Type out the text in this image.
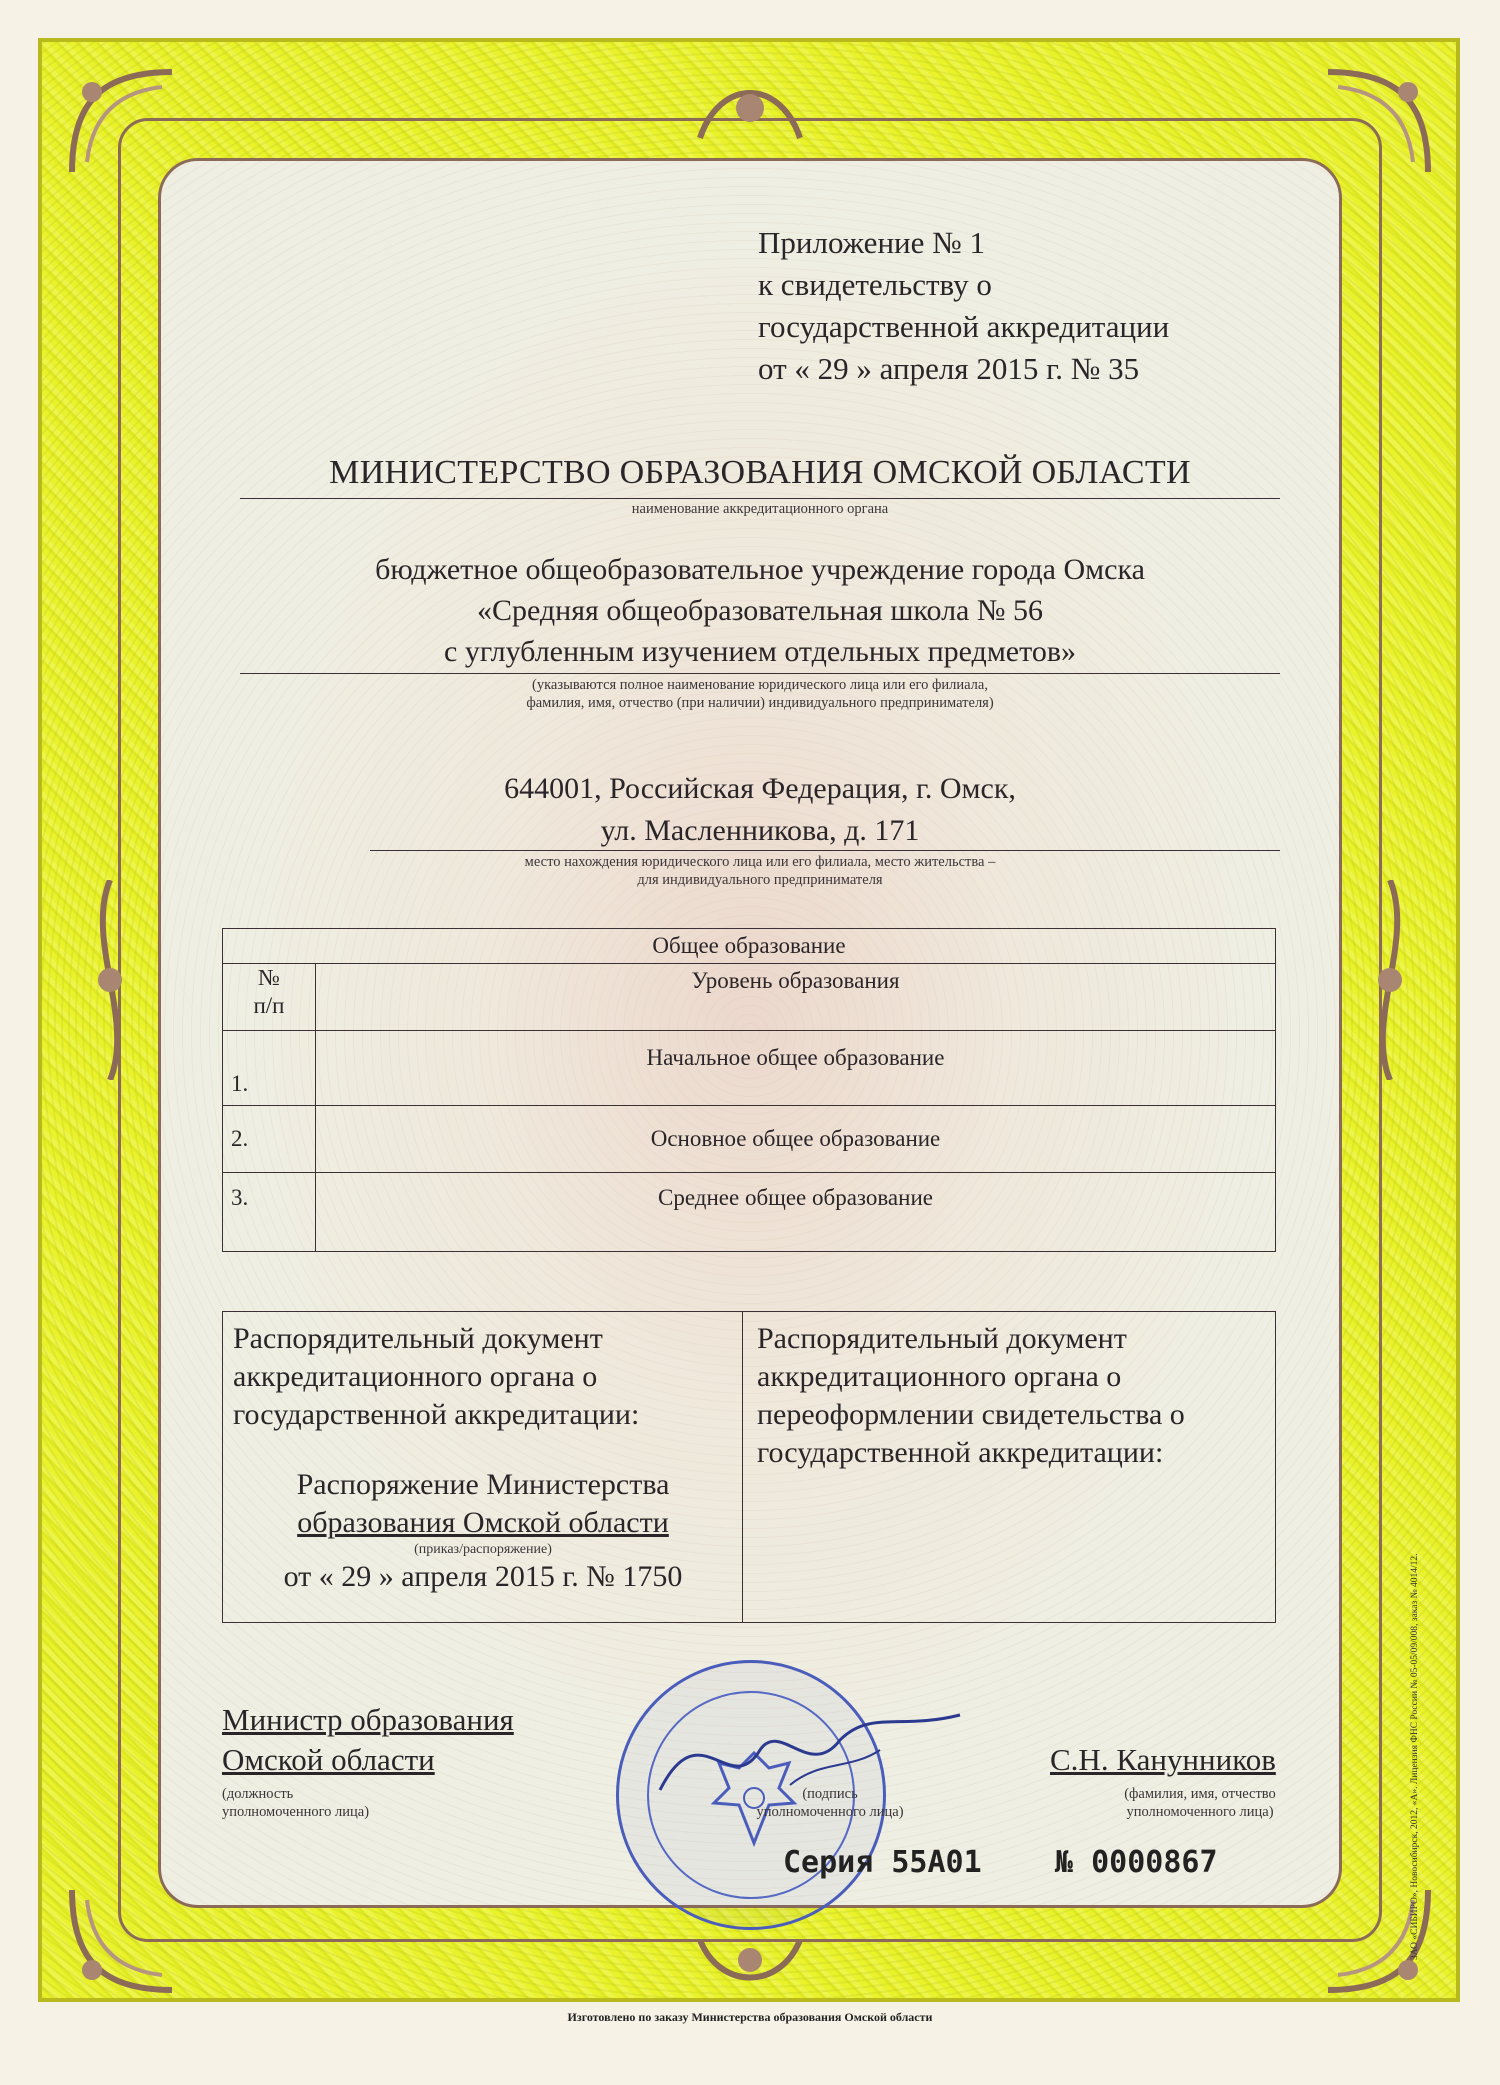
Приложение № 1
к свидетельству о
государственной аккредитации
от « 29 » апреля 2015 г. № 35
МИНИСТЕРСТВО ОБРАЗОВАНИЯ ОМСКОЙ ОБЛАСТИ
наименование аккредитационного органа
бюджетное общеобразовательное учреждение города Омска
«Средняя общеобразовательная школа № 56
с углубленным изучением отдельных предметов»
(указываются полное наименование юридического лица или его филиала,
фамилия, имя, отчество (при наличии) индивидуального предпринимателя)
644001, Российская Федерация, г. Омск,
ул. Масленникова, д. 171
место нахождения юридического лица или его филиала, место жительства –
для индивидуального предпринимателя
Общее образование	

№
п/п	Уровень образования
1.	Начальное общее образование
2.	Основное общее образование
3.	Среднее общее образование
Распорядительный документ
аккредитационного органа о
государственной аккредитации:
Распоряжение Министерства
образования Омской области
(приказ/распоряжение)
от « 29 » апреля 2015 г. № 1750
Распорядительный документ
аккредитационного органа о
переоформлении свидетельства о
государственной аккредитации:
Министр образования
Омской области
(должность
уполномоченного лица)
(подпись
уполномоченного лица)
С.Н. Канунников
(фамилия, имя, отчество
уполномоченного лица)
Серия 55А01 № 0000867
Изготовлено по заказу Министерства образования Омской области
ЗАО «СИБИРО», Новосибирск, 2012, «А». Лицензия ФНС России № 05-05/09/008, заказ № 4014/12.
